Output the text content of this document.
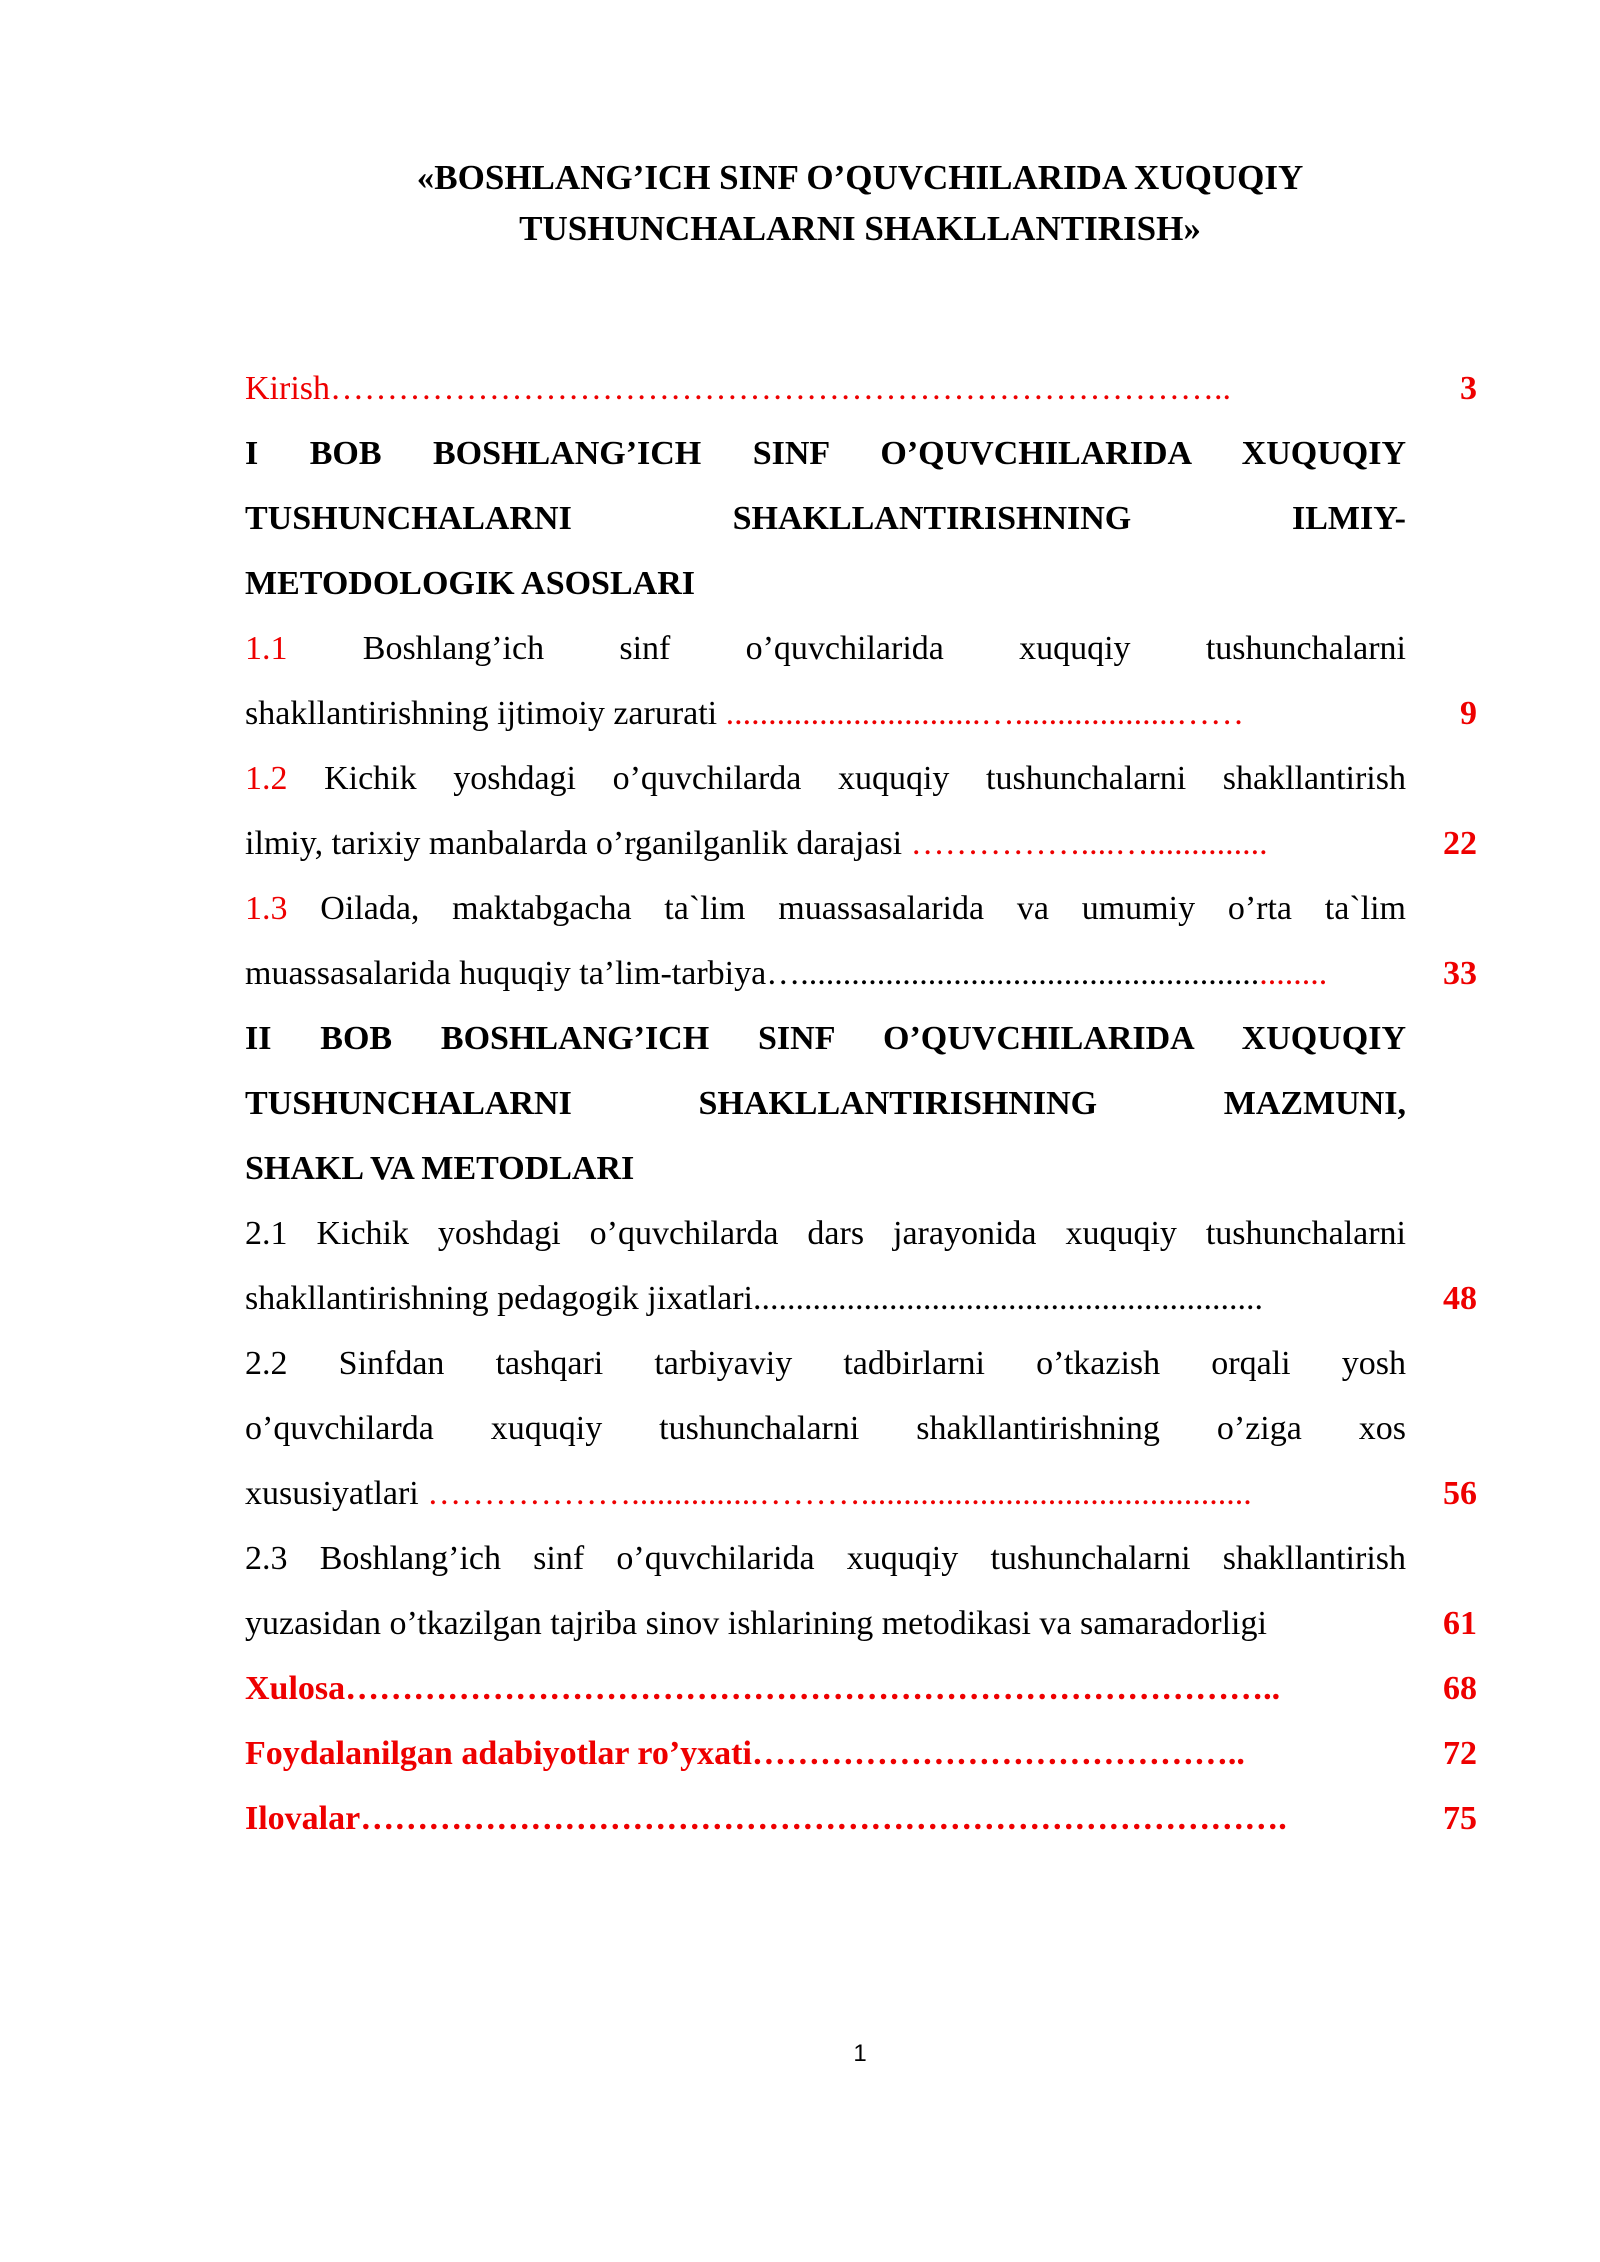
«BOSHLANG’ICH SINF O’QUVCHILARIDA XUQUQIY
TUSHUNCHALARNI SHAKLLANTIRISH»
Kirish……………………………………………………………………..	3
I BOB BOSHLANG’ICH SINF O’QUVCHILARIDA XUQUQIY
TUSHUNCHALARNI SHAKLLANTIRISHNING ILMIY-
METODOLOGIK ASOSLARI
1.1 Boshlang’ich sinf o’quvchilarida xuquqiy tushunchalarni
shakllantirishning ijtimoiy zarurati ..............................…...................……	9
1.2 Kichik yoshdagi o’quvchilarda xuquqiy tushunchalarni shakllantirish
ilmiy, tarixiy manbalarda o’rganilganlik darajasi ……………....…..............	22
1.3 Oilada, maktabgacha ta`lim muassasalarida va umumiy o’rta ta`lim
muassasalarida huquqiy ta’lim-tarbiya…..............................................................	33
II BOB BOSHLANG’ICH SINF O’QUVCHILARIDA XUQUQIY
TUSHUNCHALARNI SHAKLLANTIRISHNING MAZMUNI,
SHAKL VA METODLARI
2.1 Kichik yoshdagi o’quvchilarda dars jarayonida xuquqiy tushunchalarni
shakllantirishning pedagogik jixatlari............................................................	48
2.2 Sinfdan tashqari tarbiyaviy tadbirlarni o’tkazish orqali yosh
o’quvchilarda xuquqiy tushunchalarni shakllantirishning o’ziga xos
xususiyatlari ………………...............………..............................................	56
2.3 Boshlang’ich sinf o’quvchilarida xuquqiy tushunchalarni shakllantirish
yuzasidan o’tkazilgan tajriba sinov ishlarining metodikasi va samaradorligi	61
Xulosa………………………………………………………………………..	68
Foydalanilgan adabiyotlar ro’yxati……………………………………..	72
Ilovalar……………………………………………………………………….	75
1
